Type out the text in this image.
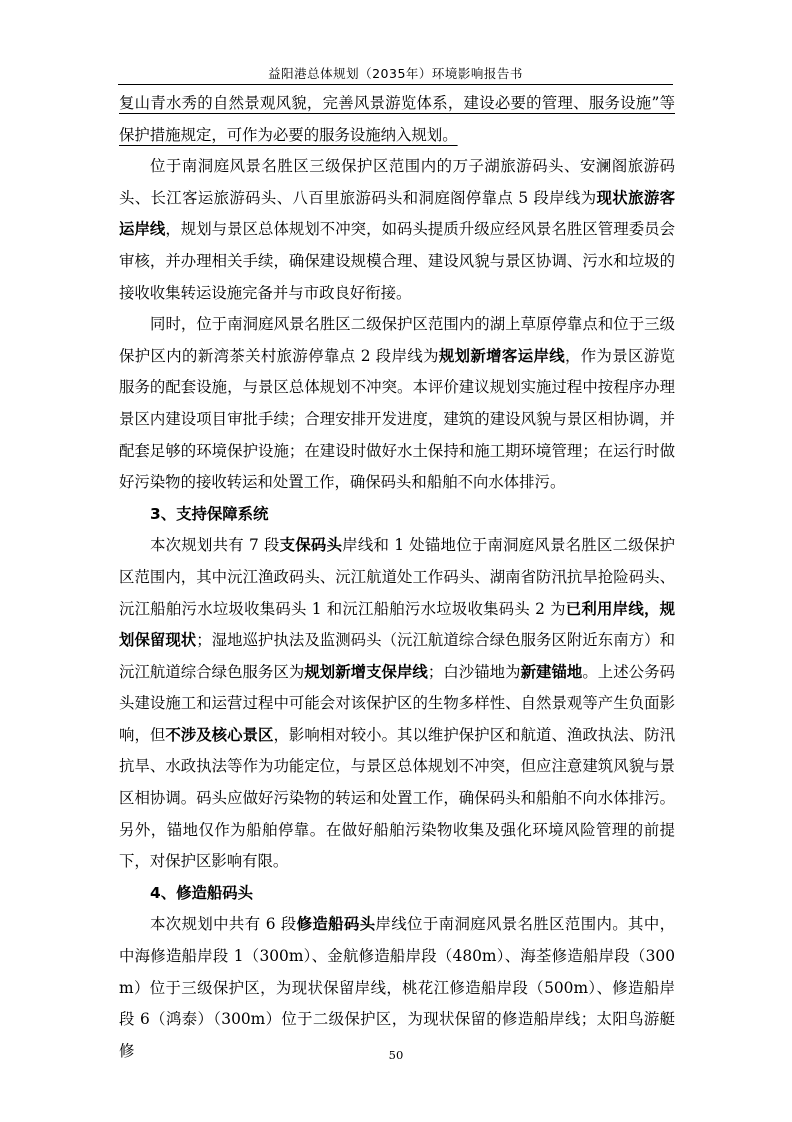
益阳港总体规划（2035年）环境影响报告书

复山青水秀的自然景观风貌，完善风景游览体系，建设必要的管理、服务设施”等保护措施规定，可作为必要的服务设施纳入规划。

位于南洞庭风景名胜区三级保护区范围内的万子湖旅游码头、安澜阁旅游码头、长江客运旅游码头、八百里旅游码头和洞庭阁停靠点 5 段岸线为现状旅游客运岸线，规划与景区总体规划不冲突，如码头提质升级应经风景名胜区管理委员会审核，并办理相关手续，确保建设规模合理、建设风貌与景区协调、污水和垃圾的接收收集转运设施完备并与市政良好衔接。

同时，位于南洞庭风景名胜区二级保护区范围内的湖上草原停靠点和位于三级保护区内的新湾茶关村旅游停靠点 2 段岸线为规划新增客运岸线，作为景区游览服务的配套设施，与景区总体规划不冲突。本评价建议规划实施过程中按程序办理景区内建设项目审批手续；合理安排开发进度，建筑的建设风貌与景区相协调，并配套足够的环境保护设施；在建设时做好水土保持和施工期环境管理；在运行时做好污染物的接收转运和处置工作，确保码头和船舶不向水体排污。

3、支持保障系统

本次规划共有 7 段支保码头岸线和 1 处锚地位于南洞庭风景名胜区二级保护区范围内，其中沅江渔政码头、沅江航道处工作码头、湖南省防汛抗旱抢险码头、沅江船舶污水垃圾收集码头 1 和沅江船舶污水垃圾收集码头 2 为已利用岸线，规划保留现状；湿地巡护执法及监测码头（沅江航道综合绿色服务区附近东南方）和沅江航道综合绿色服务区为规划新增支保岸线；白沙锚地为新建锚地。上述公务码头建设施工和运营过程中可能会对该保护区的生物多样性、自然景观等产生负面影响，但不涉及核心景区，影响相对较小。其以维护保护区和航道、渔政执法、防汛抗旱、水政执法等作为功能定位，与景区总体规划不冲突，但应注意建筑风貌与景区相协调。码头应做好污染物的转运和处置工作，确保码头和船舶不向水体排污。另外，锚地仅作为船舶停靠。在做好船舶污染物收集及强化环境风险管理的前提下，对保护区影响有限。

4、修造船码头

本次规划中共有 6 段修造船码头岸线位于南洞庭风景名胜区范围内。其中，中海修造船岸段 1（300m）、金航修造船岸段（480m）、海荃修造船岸段（300m）位于三级保护区，为现状保留岸线，桃花江修造船岸段（500m）、修造船岸段 6（鸿泰）（300m）位于二级保护区，为现状保留的修造船岸线；太阳鸟游艇修	50
